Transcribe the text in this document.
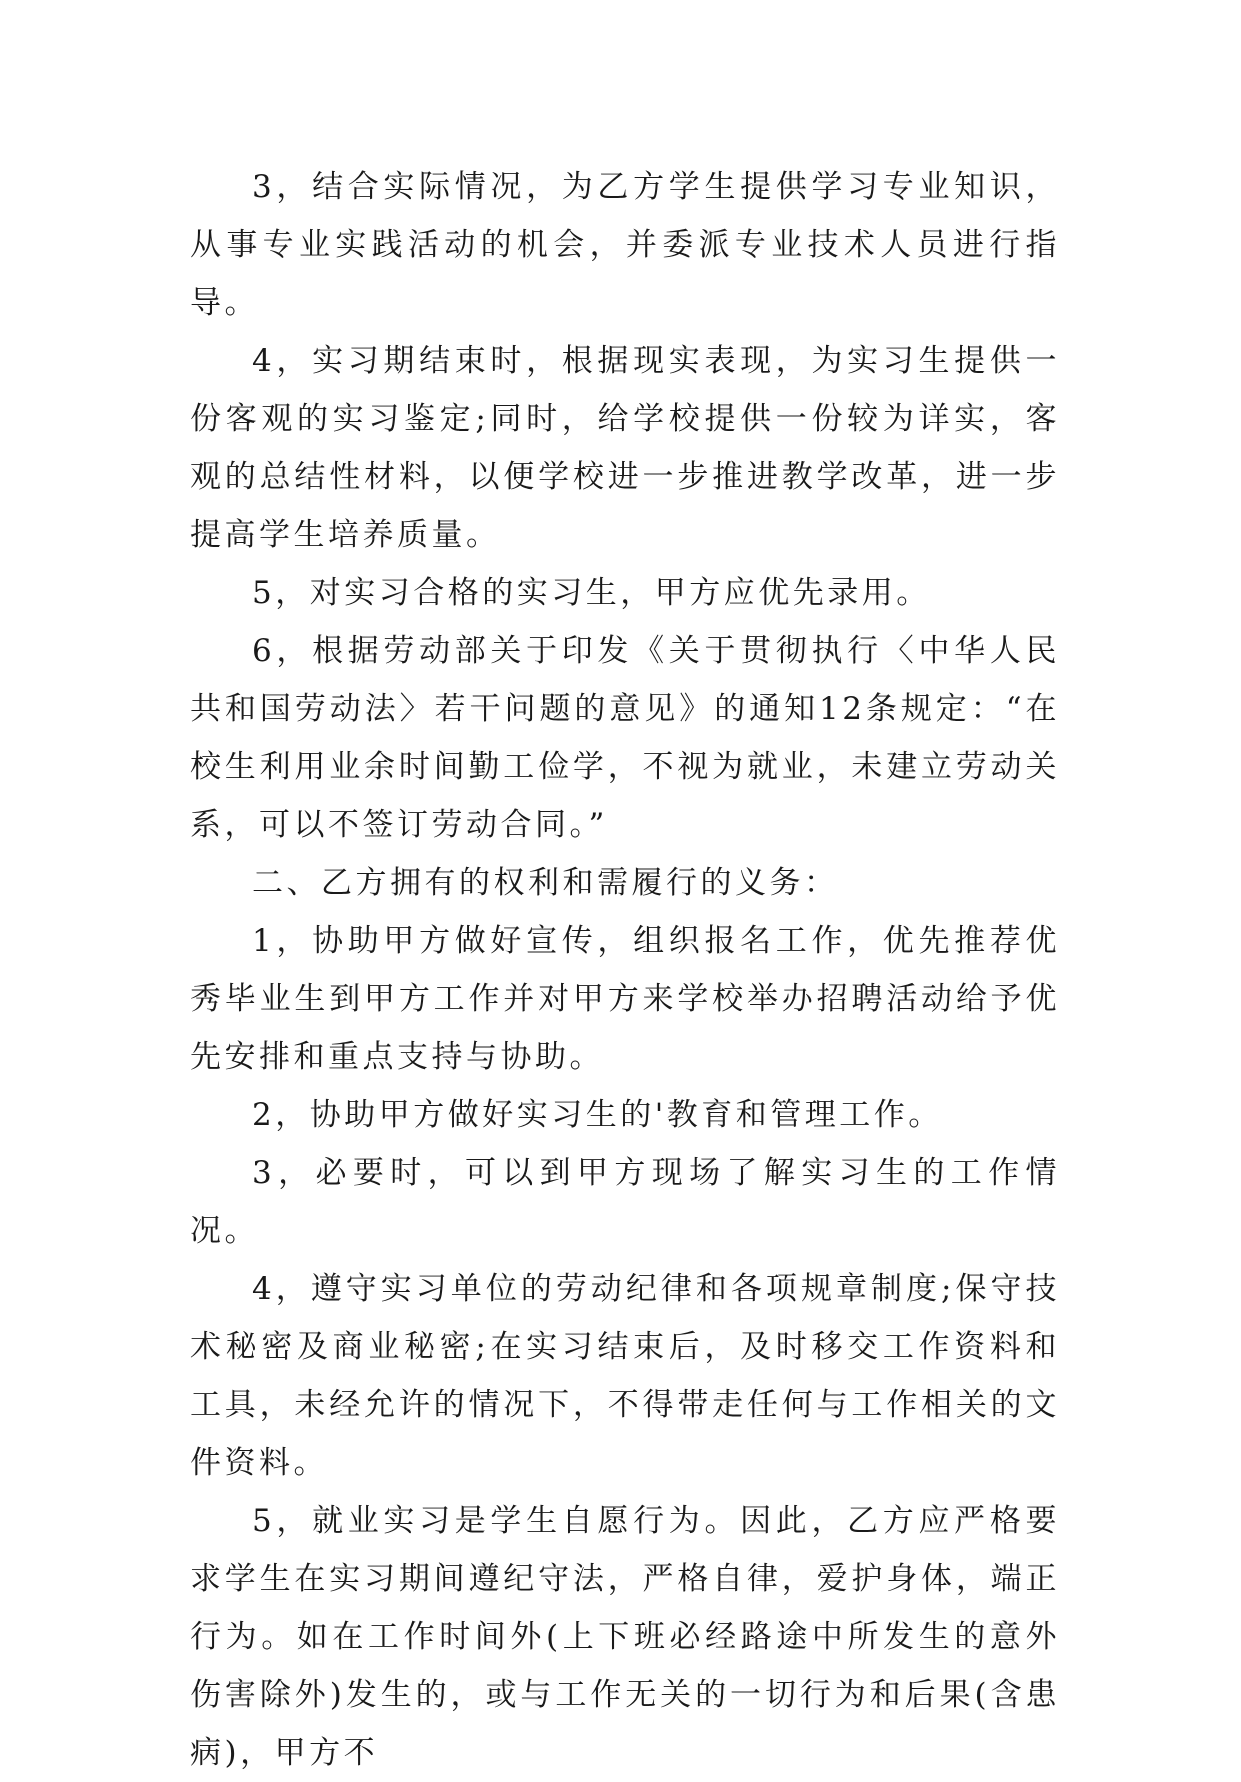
3，结合实际情况，为乙方学生提供学习专业知识，从事专业实践活动的机会，并委派专业技术人员进行指导。

4，实习期结束时，根据现实表现，为实习生提供一份客观的实习鉴定;同时，给学校提供一份较为详实，客观的总结性材料，以便学校进一步推进教学改革，进一步提高学生培养质量。

5，对实习合格的实习生，甲方应优先录用。

6，根据劳动部关于印发《关于贯彻执行〈中华人民共和国劳动法〉若干问题的意见》的通知12条规定：“在校生利用业余时间勤工俭学，不视为就业，未建立劳动关系，可以不签订劳动合同。”

二、乙方拥有的权利和需履行的义务：

1，协助甲方做好宣传，组织报名工作，优先推荐优秀毕业生到甲方工作并对甲方来学校举办招聘活动给予优先安排和重点支持与协助。

2，协助甲方做好实习生的'教育和管理工作。

3，必要时，可以到甲方现场了解实习生的工作情况。

4，遵守实习单位的劳动纪律和各项规章制度;保守技术秘密及商业秘密;在实习结束后，及时移交工作资料和工具，未经允许的情况下，不得带走任何与工作相关的文件资料。

5，就业实习是学生自愿行为。因此，乙方应严格要求学生在实习期间遵纪守法，严格自律，爱护身体，端正行为。如在工作时间外(上下班必经路途中所发生的意外伤害除外)发生的，或与工作无关的一切行为和后果(含患病)，甲方不
